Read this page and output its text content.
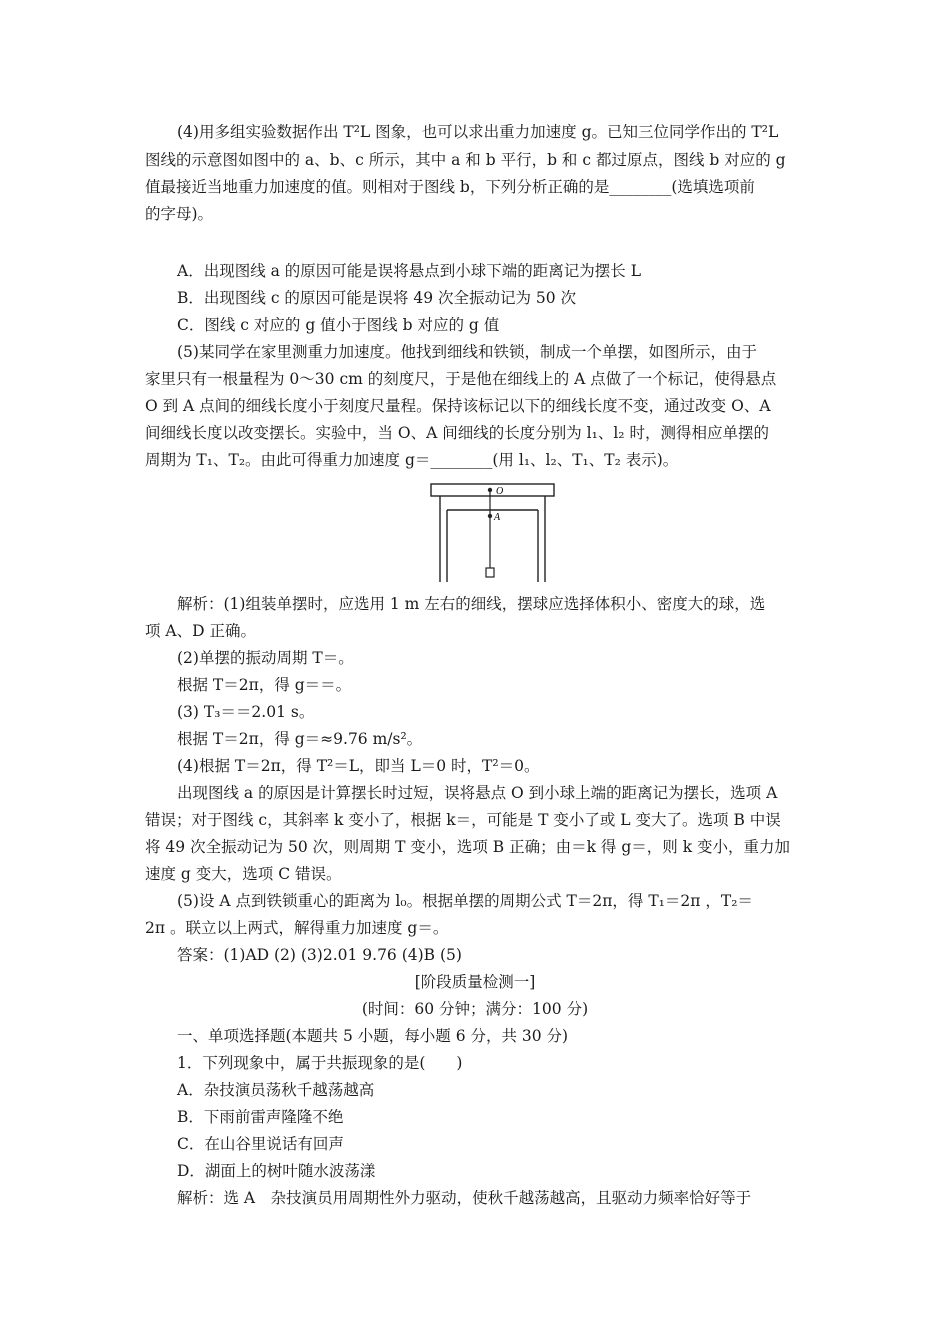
(4)用多组实验数据作出 T²L 图象，也可以求出重力加速度 g。已知三位同学作出的 T²L
图线的示意图如图中的 a、b、c 所示，其中 a 和 b 平行，b 和 c 都过原点，图线 b 对应的 g
值最接近当地重力加速度的值。则相对于图线 b，下列分析正确的是________(选填选项前
的字母)。
A．出现图线 a 的原因可能是误将悬点到小球下端的距离记为摆长 L
B．出现图线 c 的原因可能是误将 49 次全振动记为 50 次
C．图线 c 对应的 g 值小于图线 b 对应的 g 值
(5)某同学在家里测重力加速度。他找到细线和铁锁，制成一个单摆，如图所示，由于
家里只有一根量程为 0～30 cm 的刻度尺，于是他在细线上的 A 点做了一个标记，使得悬点
O 到 A 点间的细线长度小于刻度尺量程。保持该标记以下的细线长度不变，通过改变 O、A
间细线长度以改变摆长。实验中，当 O、A 间细线的长度分别为 l₁、l₂ 时，测得相应单摆的
周期为 T₁、T₂。由此可得重力加速度 g＝________(用 l₁、l₂、T₁、T₂ 表示)。
解析：(1)组装单摆时，应选用 1 m 左右的细线，摆球应选择体积小、密度大的球，选
项 A、D 正确。
(2)单摆的振动周期 T＝。
根据 T＝2π，得 g＝＝。
(3) T₃＝＝2.01 s。
根据 T＝2π，得 g＝≈9.76 m/s²。
(4)根据 T＝2π，得 T²＝L，即当 L＝0 时，T²＝0。
出现图线 a 的原因是计算摆长时过短，误将悬点 O 到小球上端的距离记为摆长，选项 A
错误；对于图线 c，其斜率 k 变小了，根据 k＝，可能是 T 变小了或 L 变大了。选项 B 中误
将 49 次全振动记为 50 次，则周期 T 变小，选项 B 正确；由＝k 得 g＝，则 k 变小，重力加
速度 g 变大，选项 C 错误。
(5)设 A 点到铁锁重心的距离为 l₀。根据单摆的周期公式 T＝2π，得 T₁＝2π ，T₂＝
2π 。联立以上两式，解得重力加速度 g＝。
答案：(1)AD (2) (3)2.01 9.76 (4)B (5)
一、单项选择题(本题共 5 小题，每小题 6 分，共 30 分)
1．下列现象中，属于共振现象的是(　　)
A．杂技演员荡秋千越荡越高
B．下雨前雷声隆隆不绝
C．在山谷里说话有回声
D．湖面上的树叶随水波荡漾
解析：选 A　杂技演员用周期性外力驱动，使秋千越荡越高，且驱动力频率恰好等于
[阶段质量检测一]
(时间：60 分钟；满分：100 分)
O
A
